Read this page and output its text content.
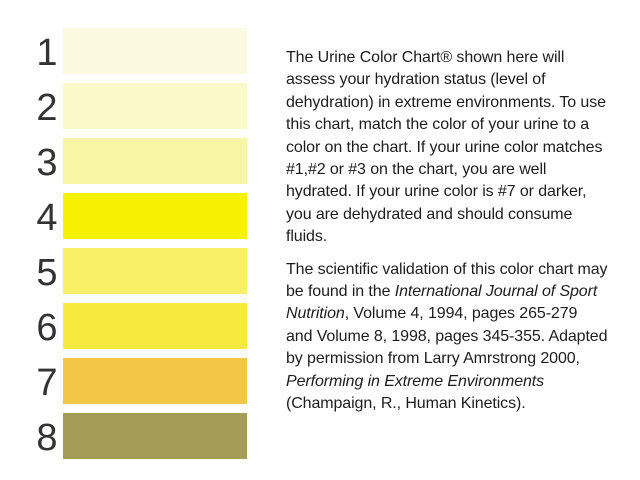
1
2
3
4
5
6
7
8

The Urine Color Chart® shown here will assess your hydration status (level of dehydration) in extreme environments. To use this chart, match the color of your urine to a color on the chart. If your urine color matches #1,#2 or #3 on the chart, you are well hydrated. If your urine color is #7 or darker, you are dehydrated and should consume fluids.

The scientific validation of this color chart may be found in the International Journal of Sport Nutrition, Volume 4, 1994, pages 265-279 and Volume 8, 1998, pages 345-355. Adapted by permission from Larry Amrstrong 2000, Performing in Extreme Environments (Champaign, R., Human Kinetics).
